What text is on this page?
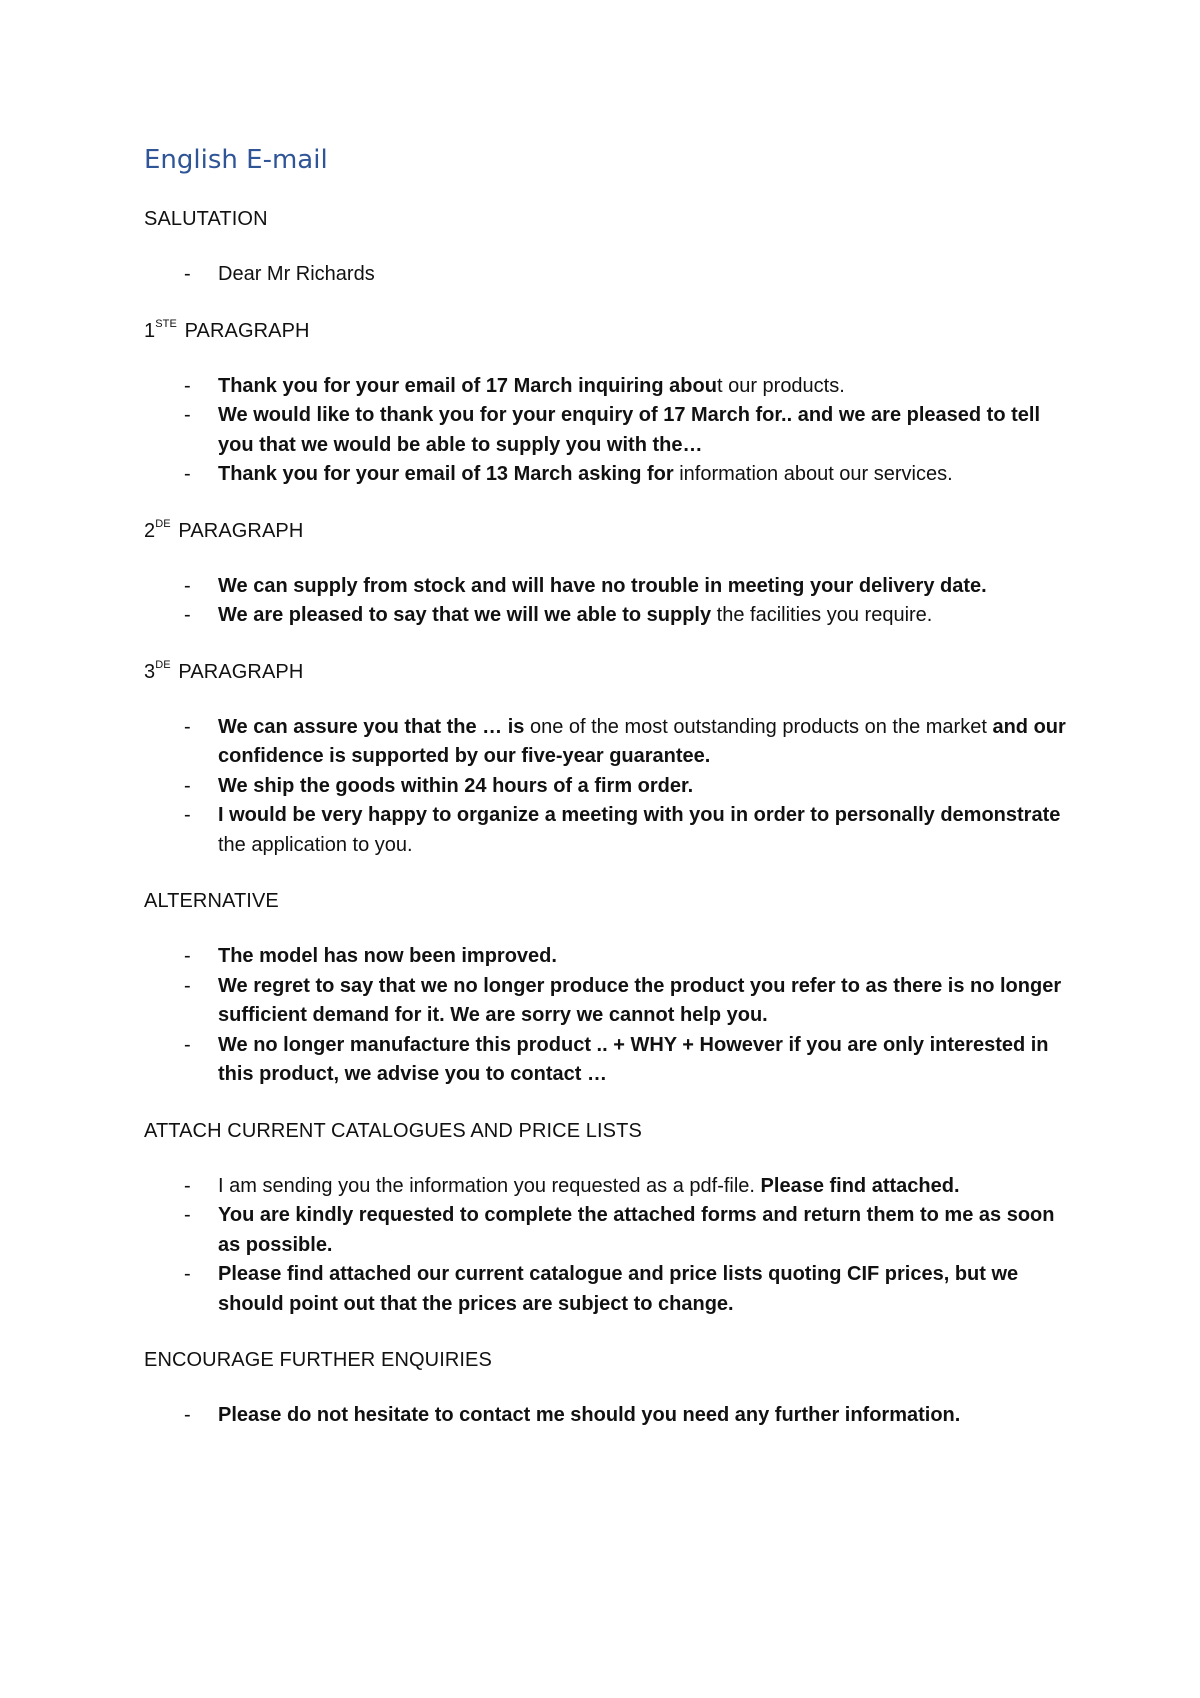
English E-mail
SALUTATION
- Dear Mr Richards
1STE PARAGRAPH
- Thank you for your email of 17 March inquiring about our products.
- We would like to thank you for your enquiry of 17 March for.. and we are pleased to tell you that we would be able to supply you with the…
- Thank you for your email of 13 March asking for information about our services.
2DE PARAGRAPH
- We can supply from stock and will have no trouble in meeting your delivery date.
- We are pleased to say that we will we able to supply the facilities you require.
3DE PARAGRAPH
- We can assure you that the … is one of the most outstanding products on the market and our confidence is supported by our five-year guarantee.
- We ship the goods within 24 hours of a firm order.
- I would be very happy to organize a meeting with you in order to personally demonstrate the application to you.
ALTERNATIVE
- The model has now been improved.
- We regret to say that we no longer produce the product you refer to as there is no longer sufficient demand for it. We are sorry we cannot help you.
- We no longer manufacture this product .. + WHY + However if you are only interested in this product, we advise you to contact …
ATTACH CURRENT CATALOGUES AND PRICE LISTS
- I am sending you the information you requested as a pdf-file. Please find attached.
- You are kindly requested to complete the attached forms and return them to me as soon as possible.
- Please find attached our current catalogue and price lists quoting CIF prices, but we should point out that the prices are subject to change.
ENCOURAGE FURTHER ENQUIRIES
- Please do not hesitate to contact me should you need any further information.
